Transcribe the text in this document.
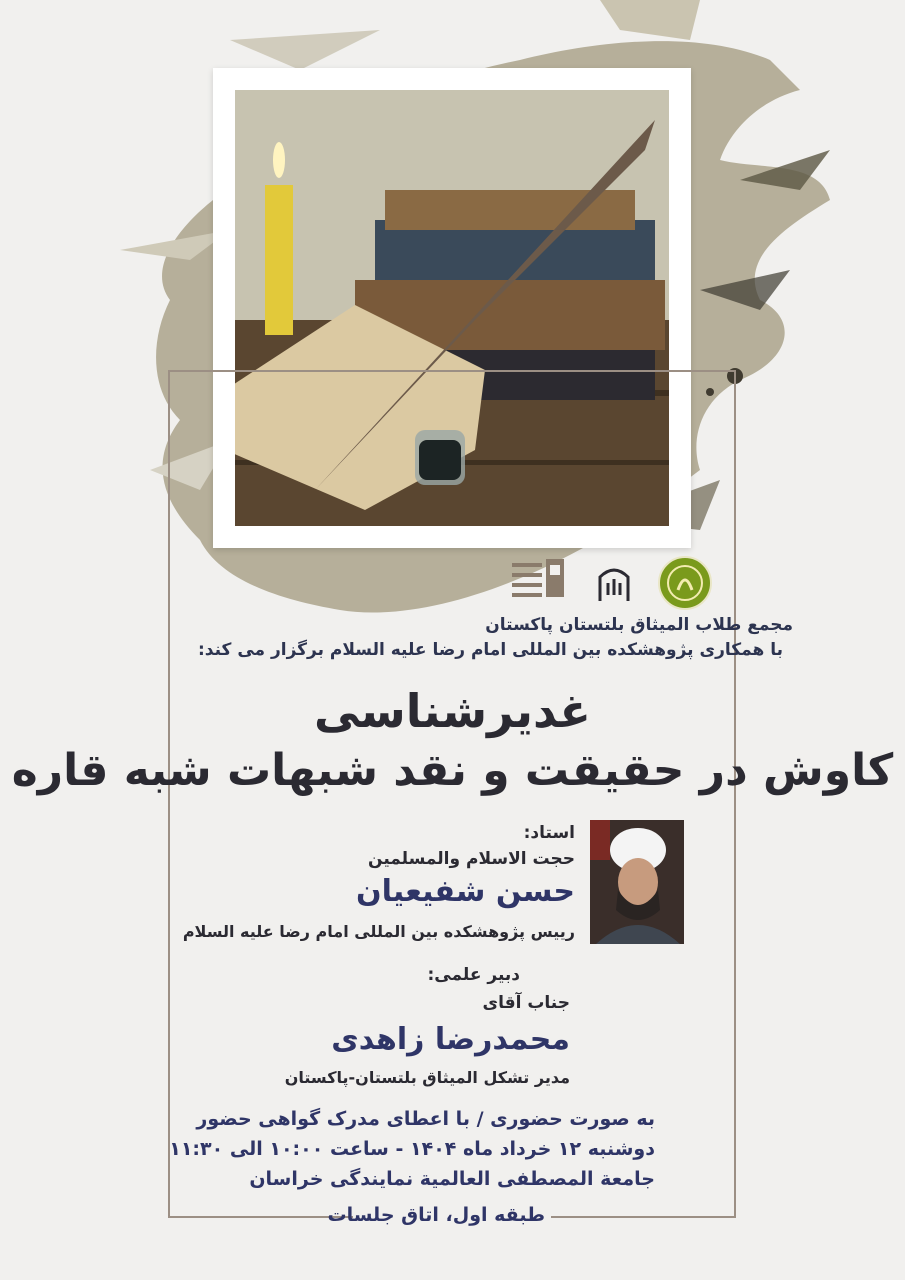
مجمع طلاب المیثاق بلتستان پاکستان
با همکاری پژوهشکده بین المللی امام رضا علیه السلام برگزار می کند:
غدیرشناسی
کاوش در حقیقت و نقد شبهات شبه قاره
استاد:
حجت الاسلام والمسلمین
حسن شفیعیان
رییس پژوهشکده بین المللی امام رضا علیه السلام
دبیر علمی:
جناب آقای
محمدرضا زاهدی
مدیر تشکل المیثاق بلتستان-پاکستان
به صورت حضوری / با اعطای مدرک گواهی حضور
دوشنبه ۱۲ خرداد ماه ۱۴۰۴ - ساعت ۱۰:۰۰ الی ۱۱:۳۰
جامعة المصطفی العالمیة نمایندگی خراسان
طبقه اول، اتاق جلسات
